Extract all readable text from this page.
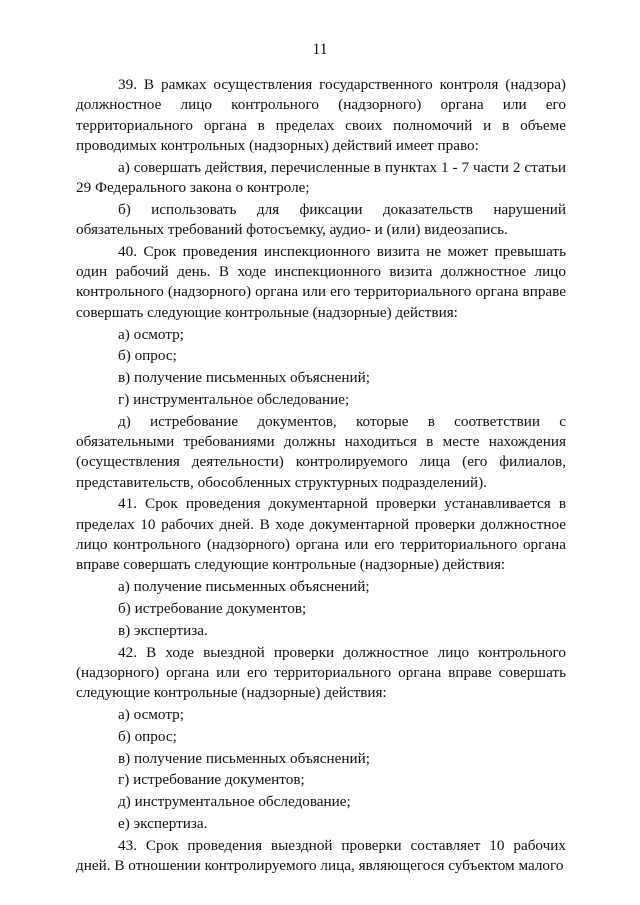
11

39. В рамках осуществления государственного контроля (надзора) должностное лицо контрольного (надзорного) органа или его территориального органа в пределах своих полномочий и в объеме проводимых контрольных (надзорных) действий имеет право:

а) совершать действия, перечисленные в пунктах 1 - 7 части 2 статьи 29 Федерального закона о контроле;

б) использовать для фиксации доказательств нарушений обязательных требований фотосъемку, аудио- и (или) видеозапись.

40. Срок проведения инспекционного визита не может превышать один рабочий день. В ходе инспекционного визита должностное лицо контрольного (надзорного) органа или его территориального органа вправе совершать следующие контрольные (надзорные) действия:

а) осмотр;

б) опрос;

в) получение письменных объяснений;

г) инструментальное обследование;

д) истребование документов, которые в соответствии с обязательными требованиями должны находиться в месте нахождения (осуществления деятельности) контролируемого лица (его филиалов, представительств, обособленных структурных подразделений).

41. Срок проведения документарной проверки устанавливается в пределах 10 рабочих дней. В ходе документарной проверки должностное лицо контрольного (надзорного) органа или его территориального органа вправе совершать следующие контрольные (надзорные) действия:

а) получение письменных объяснений;

б) истребование документов;

в) экспертиза.

42. В ходе выездной проверки должностное лицо контрольного (надзорного) органа или его территориального органа вправе совершать следующие контрольные (надзорные) действия:

а) осмотр;

б) опрос;

в) получение письменных объяснений;

г) истребование документов;

д) инструментальное обследование;

е) экспертиза.

43. Срок проведения выездной проверки составляет 10 рабочих дней. В отношении контролируемого лица, являющегося субъектом малого
